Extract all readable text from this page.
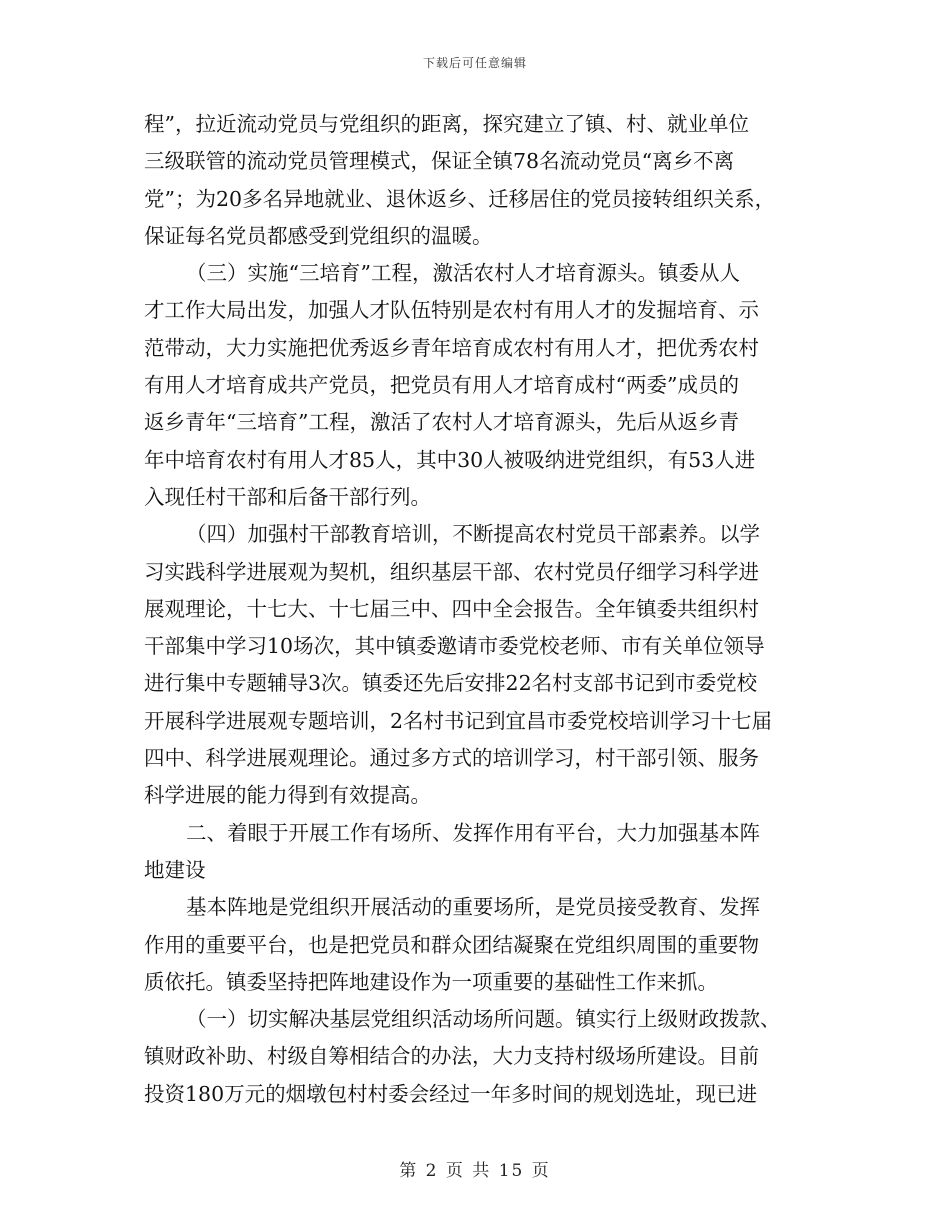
下载后可任意编辑
程”，拉近流动党员与党组织的距离，探究建立了镇、村、就业单位
三级联管的流动党员管理模式，保证全镇78名流动党员“离乡不离
党”；为20多名异地就业、退休返乡、迁移居住的党员接转组织关系，
保证每名党员都感受到党组织的温暖。
（三）实施“三培育”工程，激活农村人才培育源头。镇委从人
才工作大局出发，加强人才队伍特别是农村有用人才的发掘培育、示
范带动，大力实施把优秀返乡青年培育成农村有用人才，把优秀农村
有用人才培育成共产党员，把党员有用人才培育成村“两委”成员的
返乡青年“三培育”工程，激活了农村人才培育源头，先后从返乡青
年中培育农村有用人才85人，其中30人被吸纳进党组织，有53人进
入现任村干部和后备干部行列。
（四）加强村干部教育培训，不断提高农村党员干部素养。以学
习实践科学进展观为契机，组织基层干部、农村党员仔细学习科学进
展观理论，十七大、十七届三中、四中全会报告。全年镇委共组织村
干部集中学习10场次，其中镇委邀请市委党校老师、市有关单位领导
进行集中专题辅导3次。镇委还先后安排22名村支部书记到市委党校
开展科学进展观专题培训，2名村书记到宜昌市委党校培训学习十七届
四中、科学进展观理论。通过多方式的培训学习，村干部引领、服务
科学进展的能力得到有效提高。
二、着眼于开展工作有场所、发挥作用有平台，大力加强基本阵
地建设
基本阵地是党组织开展活动的重要场所，是党员接受教育、发挥
作用的重要平台，也是把党员和群众团结凝聚在党组织周围的重要物
质依托。镇委坚持把阵地建设作为一项重要的基础性工作来抓。
（一）切实解决基层党组织活动场所问题。镇实行上级财政拨款、
镇财政补助、村级自筹相结合的办法，大力支持村级场所建设。目前
投资180万元的烟墩包村村委会经过一年多时间的规划选址，现已进
第 2 页 共 15 页
